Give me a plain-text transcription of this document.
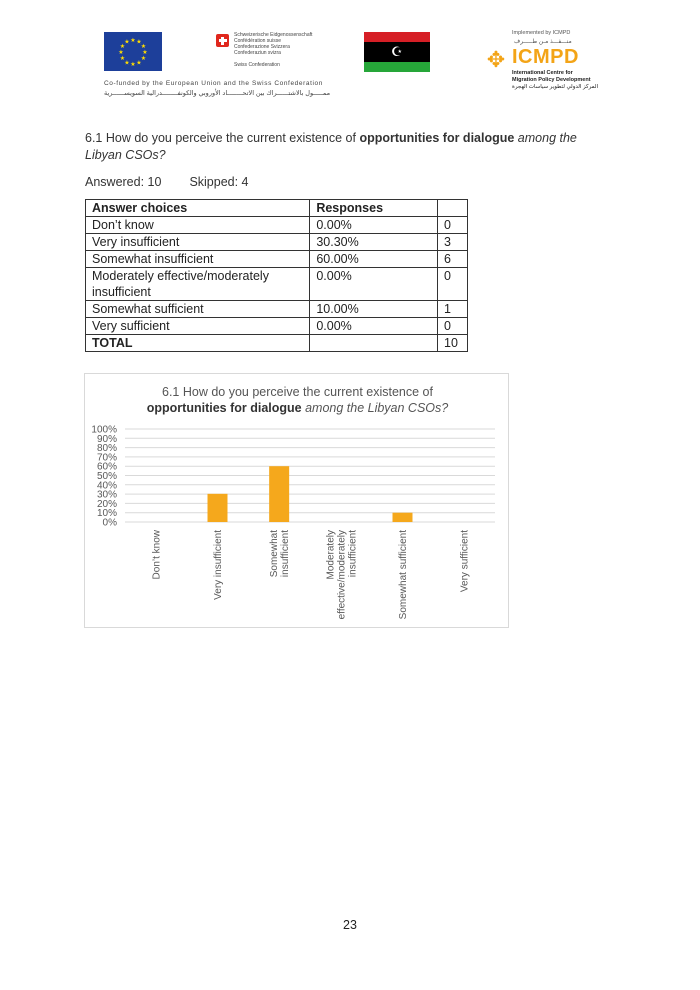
★ ★
★
★
★
★
★
★
★
★
★
★
Schweizerische Eidgenossenschaft
Confédération suisse
Confederazione Svizzera
Confederaziun svizra
Swiss Confederation
☪
Implemented by ICMPD
منـــفـــذ مـن طـــــرف
✥ ICMPD
International Centre for
Migration Policy Development
المركز الدولي لتطوير سياسات الهجرة
Co-funded by the European Union and the Swiss Confederation
ممـــــول بالاشتــــــراك بين الاتحــــــــاد الأوروبي والكونفــــــــدرالية السويســــــرية
6.1 How do you perceive the current existence of opportunities for dialogue among the Libyan CSOs?
Answered: 10 Skipped: 4
Answer choices	Responses	
Don’t know	0.00%	0
Very insufficient	30.30%	3
Somewhat insufficient	60.00%	6
Moderately effective/moderately insufficient	0.00%	0
Somewhat sufficient	10.00%	1
Very sufficient	0.00%	0
TOTAL		10
6.1 How do you perceive the current existence of
opportunities for dialogue among the Libyan CSOs?
0%
10%
20%
30%
40%
50%
60%
70%
80%
90%
100%
Don’t know	Very insufficient	Somewhat insufficient	Moderately effective/moderately insufficient	Somewhat sufficient	Very sufficient
23
